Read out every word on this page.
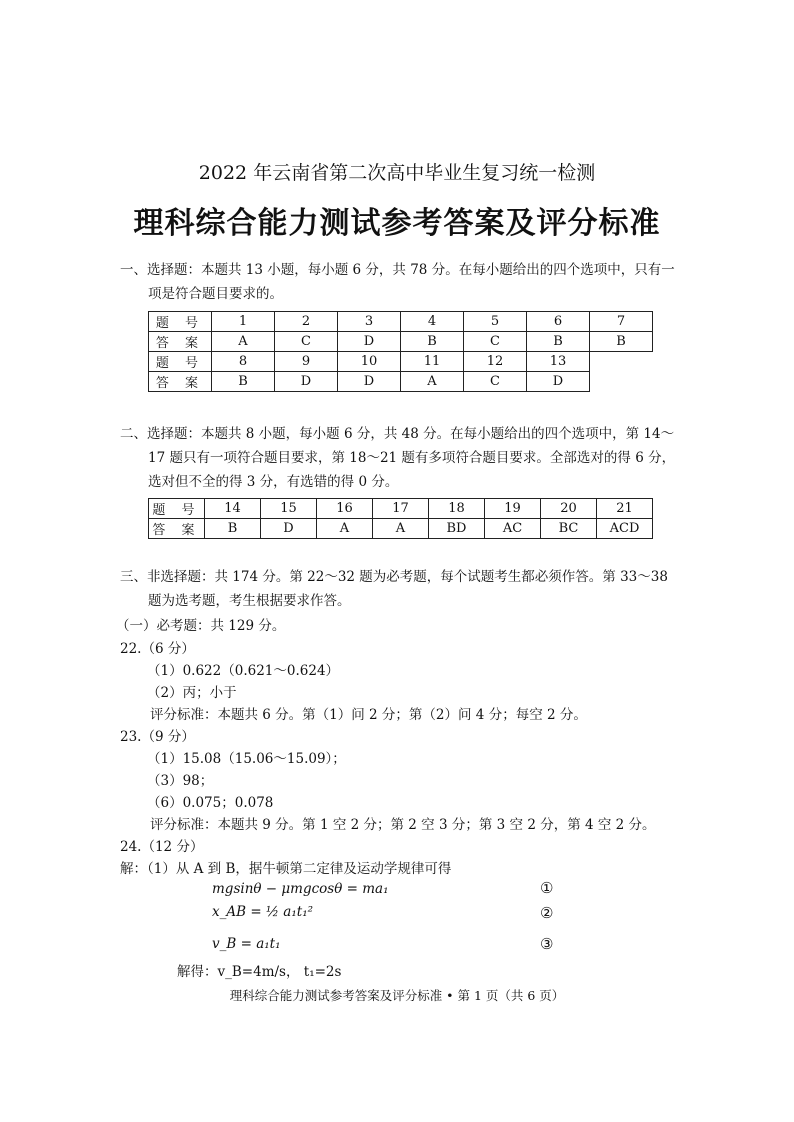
2022 年云南省第二次高中毕业生复习统一检测
理科综合能力测试参考答案及评分标准
一、选择题：本题共 13 小题，每小题 6 分，共 78 分。在每小题给出的四个选项中，只有一
项是符合题目要求的。
题 号	1	2	3	4	5	6	7
答 案	A	C	D	B	C	B	B
题 号	8	9	10	11	12	13	
答 案	B	D	D	A	C	D	
二、选择题：本题共 8 小题，每小题 6 分，共 48 分。在每小题给出的四个选项中，第 14～
17 题只有一项符合题目要求，第 18～21 题有多项符合题目要求。全部选对的得 6 分，
选对但不全的得 3 分，有选错的得 0 分。
题 号	14	15	16	17	18	19	20	21
答 案	B	D	A	A	BD	AC	BC	ACD
三、非选择题：共 174 分。第 22～32 题为必考题，每个试题考生都必须作答。第 33～38
题为选考题，考生根据要求作答。
（一）必考题：共 129 分。
22.（6 分）
（1）0.622（0.621～0.624）
（2）丙；小于
评分标准：本题共 6 分。第（1）问 2 分；第（2）问 4 分；每空 2 分。
23.（9 分）
（1）15.08（15.06～15.09）；
（3）98；
（6）0.075；0.078
评分标准：本题共 9 分。第 1 空 2 分；第 2 空 3 分；第 3 空 2 分，第 4 空 2 分。
24.（12 分）
解：（1）从 A 到 B，据牛顿第二定律及运动学规律可得
mgsinθ − μmgcosθ = ma₁	①
x_AB = ½ a₁t₁²	②
v_B = a₁t₁	③
解得：v_B=4m/s， t₁=2s
理科综合能力测试参考答案及评分标准 • 第 1 页（共 6 页）
